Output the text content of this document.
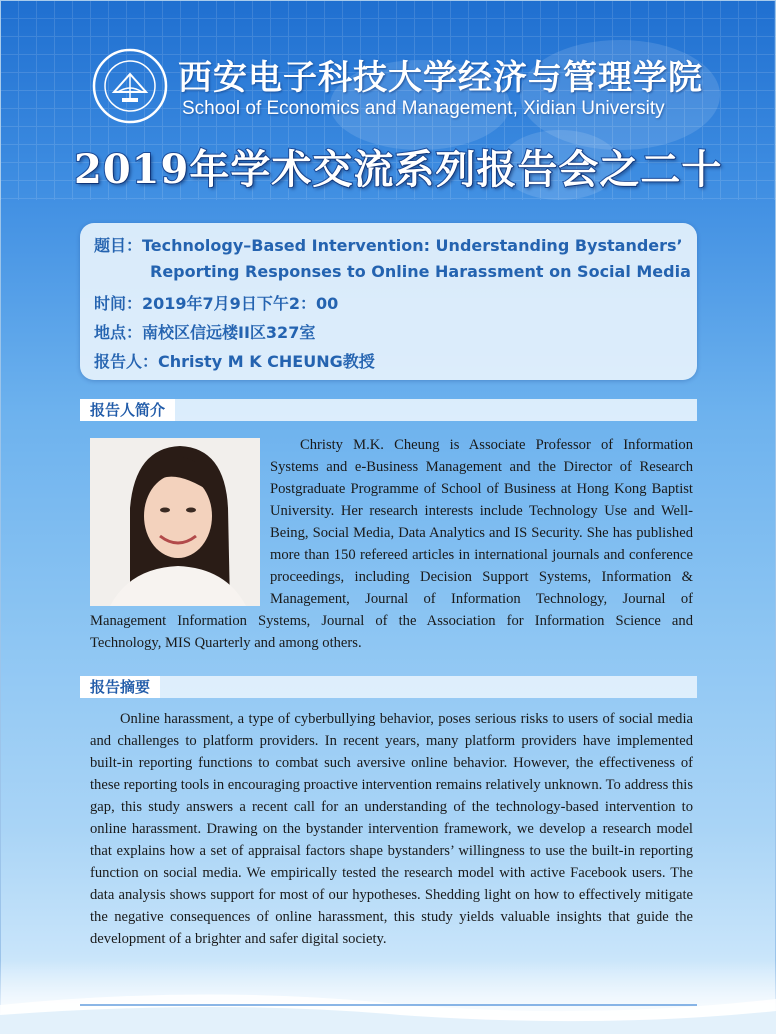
西安电子科技大学经济与管理学院
School of Economics and Management, Xidian University
2019年学术交流系列报告会之二十
题目：Technology–Based Intervention: Understanding Bystanders’
Reporting Responses to Online Harassment on Social Media
时间：2019年7月9日下午2：00
地点：南校区信远楼II区327室
报告人：Christy M K CHEUNG教授
报告人简介

Christy M.K. Cheung is Associate Professor of Information Systems and e-Business Management and the Director of Research Postgraduate Programme of School of Business at Hong Kong Baptist University. Her research interests include Technology Use and Well-Being, Social Media, Data Analytics and IS Security. She has published more than 150 refereed articles in international journals and conference proceedings, including Decision Support Systems, Information & Management, Journal of Information Technology, Journal of Management Information Systems, Journal of the Association for Information Science and Technology, MIS Quarterly and among others.

报告摘要

Online harassment, a type of cyberbullying behavior, poses serious risks to users of social media and challenges to platform providers. In recent years, many platform providers have implemented built-in reporting functions to combat such aversive online behavior. However, the effectiveness of these reporting tools in encouraging proactive intervention remains relatively unknown. To address this gap, this study answers a recent call for an understanding of the technology-based intervention to online harassment. Drawing on the bystander intervention framework, we develop a research model that explains how a set of appraisal factors shape bystanders’ willingness to use the built-in reporting function on social media. We empirically tested the research model with active Facebook users. The data analysis shows support for most of our hypotheses. Shedding light on how to effectively mitigate the negative consequences of online harassment, this study yields valuable insights that guide the development of a brighter and safer digital society.
